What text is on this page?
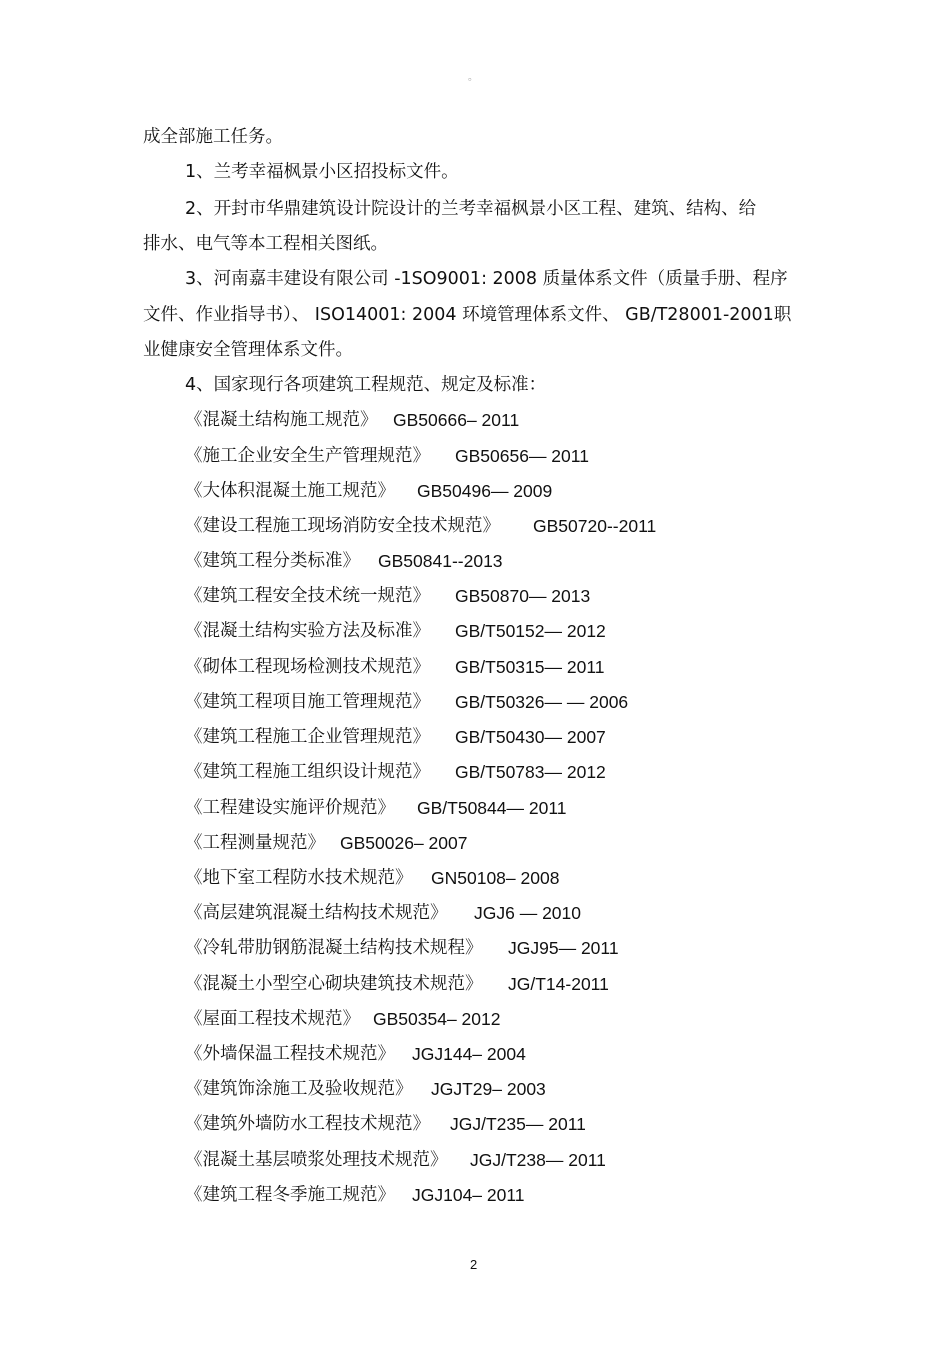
。
成全部施工任务。
1、兰考幸福枫景小区招投标文件。
2、开封市华鼎建筑设计院设计的兰考幸福枫景小区工程、建筑、结构、给
排水、电气等本工程相关图纸。
3、河南嘉丰建设有限公司 -1SO9001: 2008 质量体系文件（质量手册、程序
文件、作业指导书）、 ISO14001: 2004 环境管理体系文件、 GB/T28001-2001职
业健康安全管理体系文件。
4、国家现行各项建筑工程规范、规定及标准：
《混凝土结构施工规范》 GB50666– 2011
《施工企业安全生产管理规范》 GB50656— 2011
《大体积混凝土施工规范》 GB50496— 2009
《建设工程施工现场消防安全技术规范》 GB50720--2011
《建筑工程分类标准》 GB50841--2013
《建筑工程安全技术统一规范》 GB50870— 2013
《混凝土结构实验方法及标准》 GB/T50152— 2012
《砌体工程现场检测技术规范》 GB/T50315— 2011
《建筑工程项目施工管理规范》 GB/T50326— — 2006
《建筑工程施工企业管理规范》 GB/T50430— 2007
《建筑工程施工组织设计规范》 GB/T50783— 2012
《工程建设实施评价规范》 GB/T50844— 2011
《工程测量规范》 GB50026– 2007
《地下室工程防水技术规范》 GN50108– 2008
《高层建筑混凝土结构技术规范》 JGJ6 — 2010
《冷轧带肋钢筋混凝土结构技术规程》 JGJ95— 2011
《混凝土小型空心砌块建筑技术规范》 JG/T14-2011
《屋面工程技术规范》 GB50354– 2012
《外墙保温工程技术规范》 JGJ144– 2004
《建筑饰涂施工及验收规范》 JGJT29– 2003
《建筑外墙防水工程技术规范》 JGJ/T235— 2011
《混凝土基层喷浆处理技术规范》 JGJ/T238— 2011
《建筑工程冬季施工规范》 JGJ104– 2011
2
